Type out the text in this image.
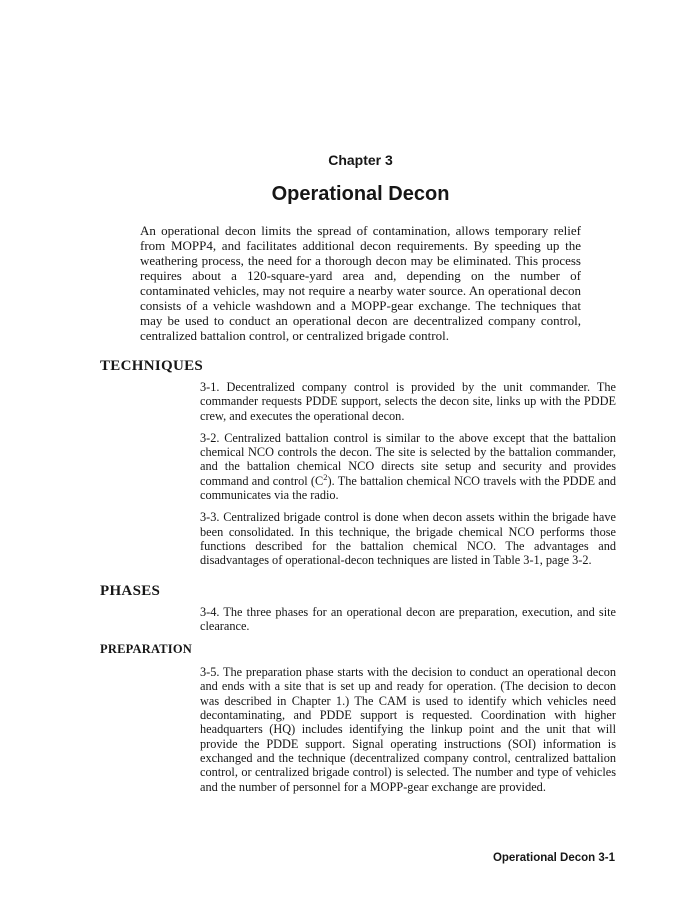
Chapter 3
Operational Decon

An operational decon limits the spread of contamination, allows temporary relief from MOPP4, and facilitates additional decon requirements. By speeding up the weathering process, the need for a thorough decon may be eliminated. This process requires about a 120-square-yard area and, depending on the number of contaminated vehicles, may not require a nearby water source. An operational decon consists of a vehicle washdown and a MOPP-gear exchange. The techniques that may be used to conduct an operational decon are decentralized company control, centralized battalion control, or centralized brigade control.

TECHNIQUES

3-1. Decentralized company control is provided by the unit commander. The commander requests PDDE support, selects the decon site, links up with the PDDE crew, and executes the operational decon.

3-2. Centralized battalion control is similar to the above except that the battalion chemical NCO controls the decon. The site is selected by the battalion commander, and the battalion chemical NCO directs site setup and security and provides command and control $(C^2)$. The battalion chemical NCO travels with the PDDE and communicates via the radio.

3-3. Centralized brigade control is done when decon assets within the brigade have been consolidated. In this technique, the brigade chemical NCO performs those functions described for the battalion chemical NCO. The advantages and disadvantages of operational-decon techniques are listed in Table 3-1, page 3-2.

PHASES

3-4. The three phases for an operational decon are preparation, execution, and site clearance.

PREPARATION

3-5. The preparation phase starts with the decision to conduct an operational decon and ends with a site that is set up and ready for operation. (The decision to decon was described in Chapter 1.) The CAM is used to identify which vehicles need decontaminating, and PDDE support is requested. Coordination with higher headquarters (HQ) includes identifying the linkup point and the unit that will provide the PDDE support. Signal operating instructions (SOI) information is exchanged and the technique (decentralized company control, centralized battalion control, or centralized brigade control) is selected. The number and type of vehicles and the number of personnel for a MOPP-gear exchange are provided.

Operational Decon 3-1
